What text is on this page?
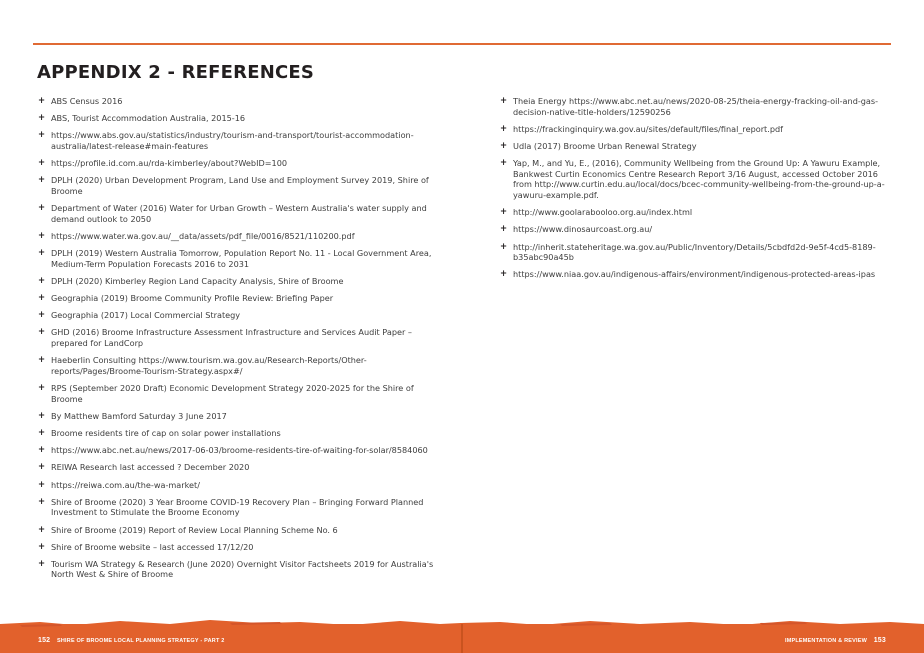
APPENDIX 2 - REFERENCES
+ ABS Census 2016
+ ABS, Tourist Accommodation Australia, 2015-16
+ https://www.abs.gov.au/statistics/industry/tourism-and-transport/tourist-accommodation-australia/latest-release#main-features
+ https://profile.id.com.au/rda-kimberley/about?WebID=100
+ DPLH (2020) Urban Development Program, Land Use and Employment Survey 2019, Shire of Broome
+ Department of Water (2016) Water for Urban Growth – Western Australia's water supply and demand outlook to 2050
+ https://www.water.wa.gov.au/__data/assets/pdf_file/0016/8521/110200.pdf
+ DPLH (2019) Western Australia Tomorrow, Population Report No. 11 - Local Government Area, Medium-Term Population Forecasts 2016 to 2031
+ DPLH (2020) Kimberley Region Land Capacity Analysis, Shire of Broome
+ Geographia (2019) Broome Community Profile Review: Briefing Paper
+ Geographia (2017) Local Commercial Strategy
+ GHD (2016) Broome Infrastructure Assessment Infrastructure and Services Audit Paper – prepared for LandCorp
+ Haeberlin Consulting https://www.tourism.wa.gov.au/Research-Reports/Other-reports/Pages/Broome-Tourism-Strategy.aspx#/
+ RPS (September 2020 Draft) Economic Development Strategy 2020-2025 for the Shire of Broome
+ By Matthew Bamford Saturday 3 June 2017
+ Broome residents tire of cap on solar power installations
+ https://www.abc.net.au/news/2017-06-03/broome-residents-tire-of-waiting-for-solar/8584060
+ REIWA Research last accessed ? December 2020
+ https://reiwa.com.au/the-wa-market/
+ Shire of Broome (2020) 3 Year Broome COVID-19 Recovery Plan – Bringing Forward Planned Investment to Stimulate the Broome Economy
+ Shire of Broome (2019) Report of Review Local Planning Scheme No. 6
+ Shire of Broome website – last accessed 17/12/20
+ Tourism WA Strategy & Research (June 2020) Overnight Visitor Factsheets 2019 for Australia's North West & Shire of Broome
+ Theia Energy https://www.abc.net.au/news/2020-08-25/theia-energy-fracking-oil-and-gas-decision-native-title-holders/12590256
+ https://frackinginquiry.wa.gov.au/sites/default/files/final_report.pdf
+ Udla (2017) Broome Urban Renewal Strategy
+ Yap, M., and Yu, E., (2016), Community Wellbeing from the Ground Up: A Yawuru Example, Bankwest Curtin Economics Centre Research Report 3/16 August, accessed October 2016 from http://www.curtin.edu.au/local/docs/bcec-community-wellbeing-from-the-ground-up-a-yawuru-example.pdf.
+ http://www.goolarabooloo.org.au/index.html
+ https://www.dinosaurcoast.org.au/
+ http://inherit.stateheritage.wa.gov.au/Public/Inventory/Details/5cbdfd2d-9e5f-4cd5-8189-b35abc90a45b
+ https://www.niaa.gov.au/indigenous-affairs/environment/indigenous-protected-areas-ipas
152 SHIRE OF BROOME LOCAL PLANNING STRATEGY - PART 2	IMPLEMENTATION & REVIEW 153
